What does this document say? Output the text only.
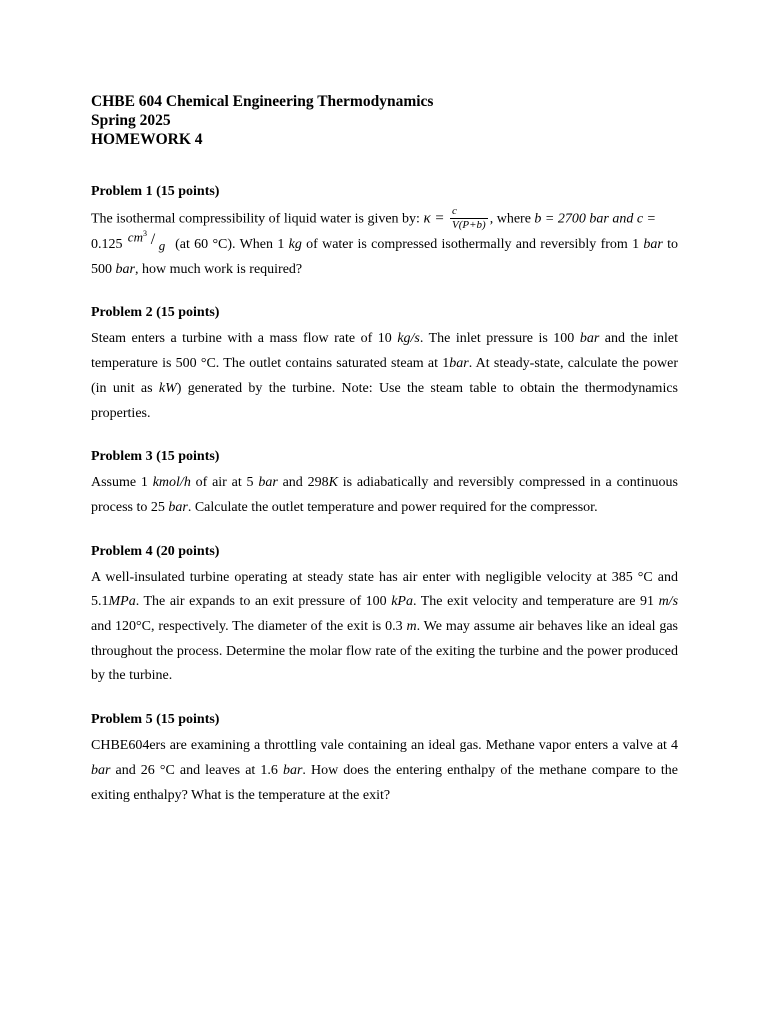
CHBE 604 Chemical Engineering Thermodynamics
Spring 2025
HOMEWORK 4
Problem 1 (15 points)

The isothermal compressibility of liquid water is given by: $\kappa = \frac{c}{V(P+b)}$ , where b = 2700 bar and c =
0.125
$cm^3$ / g (at 60 °C). When 1 kg of water is compressed isothermally and reversibly from 1 bar to 500 bar, how much work is required?

Problem 2 (15 points)

Steam enters a turbine with a mass flow rate of 10 kg/s. The inlet pressure is 100 bar and the inlet temperature is 500 °C. The outlet contains saturated steam at 1bar. At steady-state, calculate the power (in unit as kW) generated by the turbine. Note: Use the steam table to obtain the thermodynamics properties.

Problem 3 (15 points)

Assume 1 kmol/h of air at 5 bar and 298K is adiabatically and reversibly compressed in a continuous process to 25 bar. Calculate the outlet temperature and power required for the compressor.

Problem 4 (20 points)

A well-insulated turbine operating at steady state has air enter with negligible velocity at 385 °C and 5.1MPa. The air expands to an exit pressure of 100 kPa. The exit velocity and temperature are 91 m/s and 120°C, respectively. The diameter of the exit is 0.3 m. We may assume air behaves like an ideal gas throughout the process. Determine the molar flow rate of the exiting the turbine and the power produced by the turbine.

Problem 5 (15 points)

CHBE604ers are examining a throttling vale containing an ideal gas. Methane vapor enters a valve at 4 bar and 26 °C and leaves at 1.6 bar. How does the entering enthalpy of the methane compare to the exiting enthalpy? What is the temperature at the exit?
